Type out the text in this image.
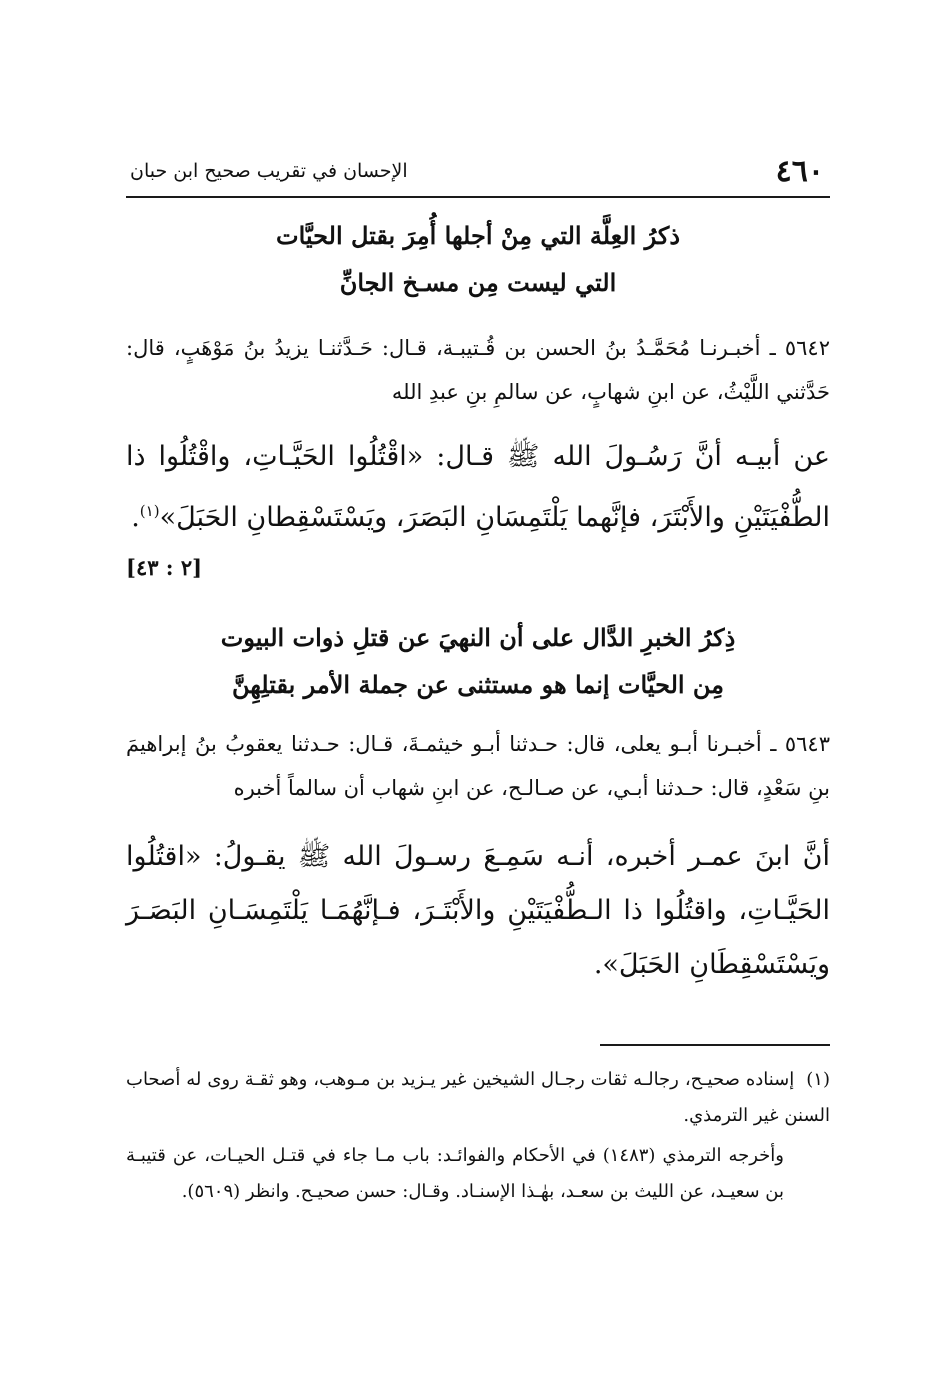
٤٦٠
الإحسان في تقريب صحيح ابن حبان
ذكرُ العِلَّة التي مِنْ أجلها أُمِرَ بقتل الحيَّات
التي ليست مِن مسـخ الجانِّ

٥٦٤٢ ـ أخبـرنـا مُحَمَّـدُ بنُ الحسن بن قُـتيبـة، قـال: حَـدَّثنـا يزيدُ بنُ مَوْهَبٍ، قال: حَدَّثني اللَّيْثُ، عن ابنِ شهابٍ، عن سالمِ بنِ عبدِ الله

عن أبيـه أنَّ رَسُـولَ الله ﷺ قـال: «اقْتُلُوا الحَيَّـاتِ، واقْتُلُوا ذا الطُّفْيَتَيْنِ والأَبْتَرَ، فإنَّهما يَلْتَمِسَانِ البَصَرَ، ويَسْتَسْقِطانِ الحَبَلَ»$^{(١)}$.

[٢ : ٤٣]
ذِكرُ الخبرِ الدَّال على أن النهيَ عن قتلِ ذوات البيوت
مِن الحيَّات إنما هو مستثنى عن جملة الأمر بقتلِهِنَّ

٥٦٤٣ ـ أخبـرنا أبـو يعلى، قال: حـدثنا أبـو خيثمـةَ، قـال: حـدثنا يعقوبُ بنُ إبراهيمَ بنِ سَعْدٍ، قال: حـدثنا أبـي، عن صـالـح، عن ابنِ شهاب أن سالماً أخبره

أنَّ ابنَ عمـر أخبره، أنـه سَمِـعَ رسـولَ الله ﷺ يقـولُ: «اقتُلُوا الحَيَّـاتِ، واقتُلُوا ذا الـطُّفْيَتَيْنِ والأَبْتَـرَ، فـإنَّهُمَـا يَلْتَمِسَـانِ البَصَـرَ ويَسْتَسْقِطَانِ الحَبَلَ».

(١)إسناده صحيـح، رجالـه ثقات رجـال الشيخين غير يـزيد بن مـوهب، وهو ثقـة روى له أصحاب السنن غير الترمذي.

وأخرجه الترمذي (١٤٨٣) في الأحكام والفوائـد: باب مـا جاء في قتـل الحيـات، عن قتيبـة بن سعيـد، عن الليث بن سعـد، بهٰـذا الإسنـاد. وقـال: حسن صحيـح. وانظر (٥٦٠٩).
